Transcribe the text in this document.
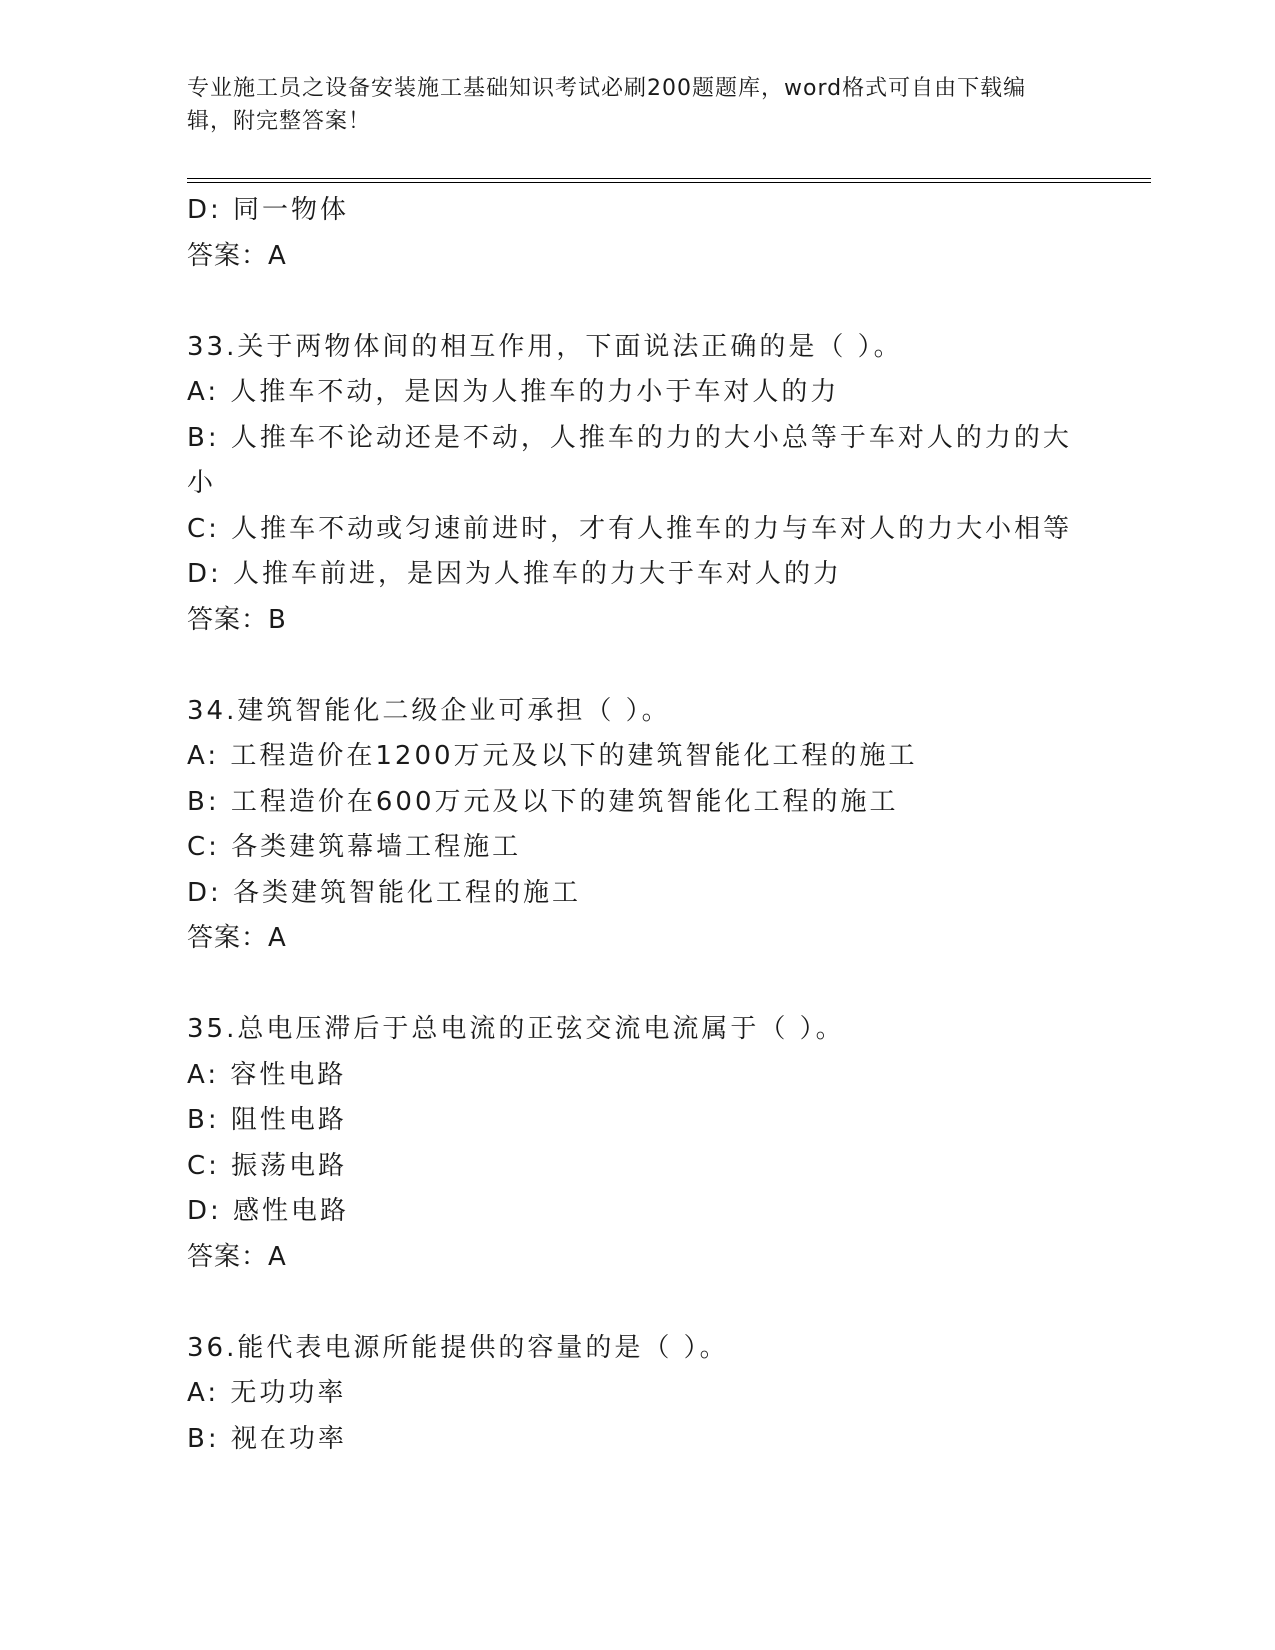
专业施工员之设备安装施工基础知识考试必刷200题题库，word格式可自由下载编辑，附完整答案！
D: 同一物体
答案：A
33.关于两物体间的相互作用，下面说法正确的是（ ）。
A: 人推车不动，是因为人推车的力小于车对人的力
B: 人推车不论动还是不动，人推车的力的大小总等于车对人的力的大小
C: 人推车不动或匀速前进时，才有人推车的力与车对人的力大小相等
D: 人推车前进，是因为人推车的力大于车对人的力
答案：B
34.建筑智能化二级企业可承担（ ）。
A: 工程造价在1200万元及以下的建筑智能化工程的施工
B: 工程造价在600万元及以下的建筑智能化工程的施工
C: 各类建筑幕墙工程施工
D: 各类建筑智能化工程的施工
答案：A
35.总电压滞后于总电流的正弦交流电流属于（ ）。
A: 容性电路
B: 阻性电路
C: 振荡电路
D: 感性电路
答案：A
36.能代表电源所能提供的容量的是（ ）。
A: 无功功率
B: 视在功率
